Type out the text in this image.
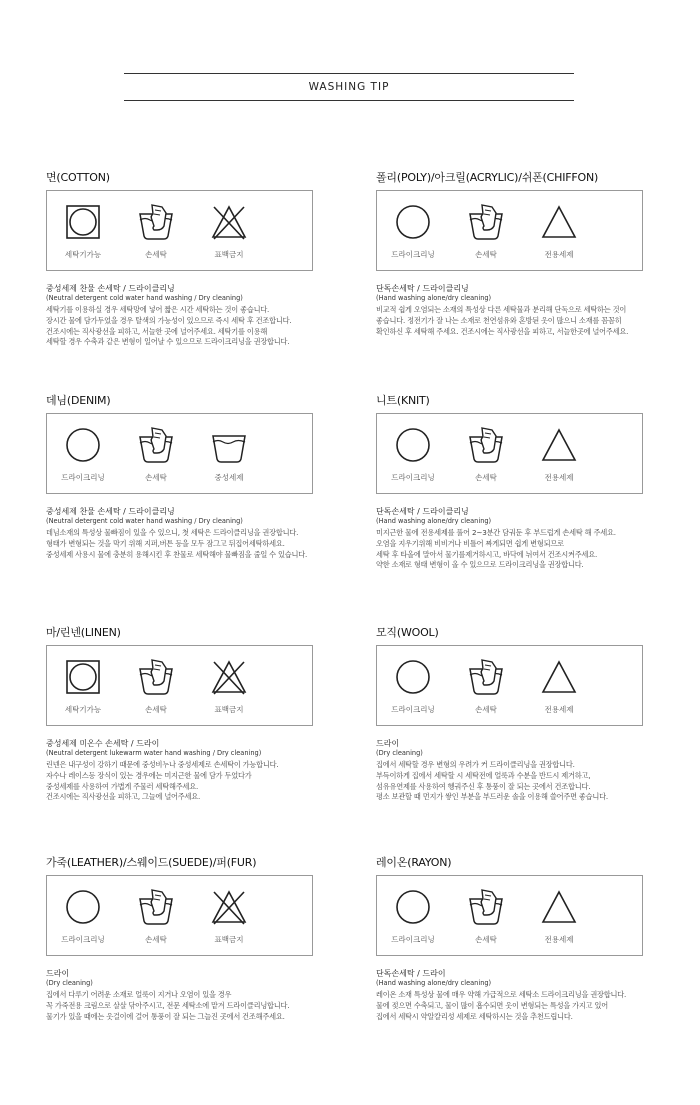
WASHING TIP
면(COTTON)
세탁기가능	손세탁	표백금지
중성세제 찬물 손세탁 / 드라이클리닝
(Neutral detergent cold water hand washing / Dry cleaning)
세탁기를 이용하실 경우 세탁망에 넣어 짧은 시간 세탁하는 것이 좋습니다.
장시간 물에 담가두었을 경우 탈색의 가능성이 있으므로 즉시 세탁 후 건조합니다.
건조시에는 직사광선을 피하고, 서늘한 곳에 널어주세요. 세탁기를 이용해
세탁할 경우 수축과 같은 변형이 일어날 수 있으므로 드라이크리닝을 권장합니다.
폴리(POLY)/아크릴(ACRYLIC)/쉬폰(CHIFFON)
드라이크리닝	손세탁	전용세제
단독손세탁 / 드라이클리닝
(Hand washing alone/dry cleaning)
비교적 쉽게 오염되는 소재의 특성상 다른 세탁물과 분리해 단독으로 세탁하는 것이
좋습니다. 정전기가 잘 나는 소재로 천연섬유와 혼방된 옷이 많으니 소재를 꼼꼼히
확인하신 후 세탁해 주세요. 건조시에는 직사광선을 피하고, 서늘한곳에 널어주세요.
데님(DENIM)
드라이크리닝	손세탁	중성세제
중성세제 찬물 손세탁 / 드라이클리닝
(Neutral detergent cold water hand washing / Dry cleaning)
데님소재의 특성상 물빠짐이 있을 수 있으니, 첫 세탁은 드라이클리닝을 권장합니다.
형태가 변형되는 것을 막기 위해 지퍼,버튼 등을 모두 잠그고 뒤집어세탁하세요.
중성세제 사용시 물에 충분히 용해시킨 후 찬물로 세탁해야 물빠짐을 줄일 수 있습니다.
니트(KNIT)
드라이크리닝	손세탁	전용세제
단독손세탁 / 드라이클리닝
(Hand washing alone/dry cleaning)
미지근한 물에 전용세제를 풀어 2~3분간 담궈둔 후 부드럽게 손세탁 해 주세요.
오염을 지우기위해 비비거나 비틀어 짜게되면 쉽게 변형되므로
세탁 후 타올에 말아서 물기를제거하시고, 바닥에 뉘여서 건조시켜주세요.
약한 소재로 형태 변형이 올 수 있으므로 드라이크리닝을 권장합니다.
마/린넨(LINEN)
세탁기가능	손세탁	표백금지
중성세제 미온수 손세탁 / 드라이
(Neutral detergent lukewarm water hand washing / Dry cleaning)
린넨은 내구성이 강하기 때문에 중성비누나 중성세제로 손세탁이 가능합니다.
자수나 레이스등 장식이 있는 경우에는 미지근한 물에 담가 두었다가
중성세제를 사용하여 가볍게 주물러 세탁해주세요.
건조시에는 직사광선을 피하고, 그늘에 널어주세요.
모직(WOOL)
드라이크리닝	손세탁	전용세제
드라이
(Dry cleaning)
집에서 세탁할 경우 변형의 우려가 커 드라이클리닝을 권장합니다.
부득이하게 집에서 세탁할 시 세탁전에 얼룩과 수분을 반드시 제거하고,
섬유유연제를 사용하여 헹궈주신 후 통풍이 잘 되는 곳에서 건조합니다.
평소 보관할 때 먼지가 쌓인 부분을 부드러운 솔을 이용해 쓸어주면 좋습니다.
가죽(LEATHER)/스웨이드(SUEDE)/퍼(FUR)
드라이크리닝	손세탁	표백금지
드라이
(Dry cleaning)
집에서 다루기 어려운 소재로 얼룩이 지거나 오염이 있을 경우
꼭 가죽전용 크림으로 살살 닦아주시고, 전문 세탁소에 맡겨 드라이클리닝합니다.
물기가 있을 때에는 옷걸이에 걸어 통풍이 잘 되는 그늘진 곳에서 건조해주세요.
레이온(RAYON)
드라이크리닝	손세탁	전용세제
단독손세탁 / 드라이
(Hand washing alone/dry cleaning)
레이온 소재 특성상 물에 매우 약해 가급적으로 세탁소 드라이크리닝을 권장합니다.
물에 젖으면 수축되고, 물이 많이 흡수되면 옷이 변형되는 특성을 가지고 있어
집에서 세탁시 약알칼리성 세제로 세탁하시는 것을 추천드립니다.
